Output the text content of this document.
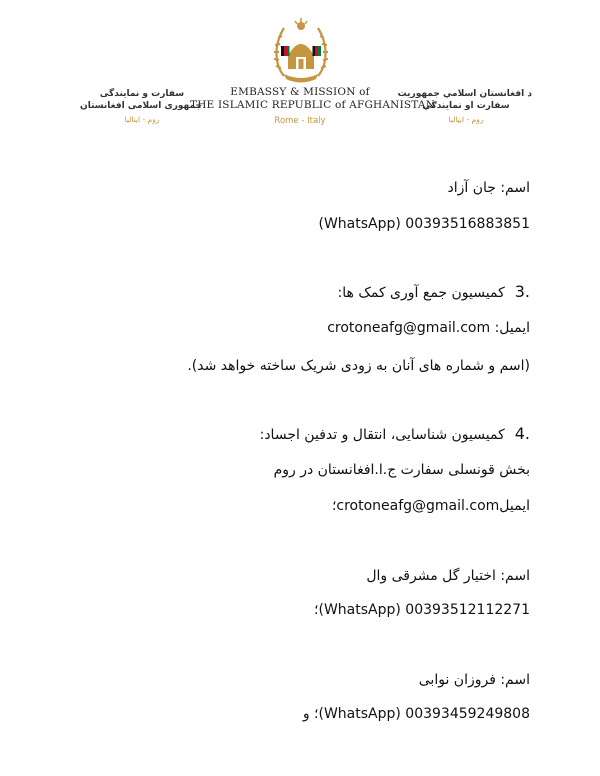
د افغانستان اسلامي جمهوريت
سفارت او نمایندګي
روم - ایټالیا
EMBASSY & MISSION of
THE ISLAMIC REPUBLIC of AFGHANISTAN
Rome - Italy
سفارت و نمایندگی
جمهوری اسلامی افغانستان
روم - ایتالیا
اسم: جان آزاد
(WhatsApp) 00393516883851
3.کمیسیون جمع آوری کمک ها:
ایمیل: crotoneafg@gmail.com
(اسم و شماره های آنان به زودی شریک ساخته خواهد شد).
4.کمیسیون شناسایی، انتقال و تدفین اجساد:
بخش قونسلی سفارت ج.ا.افغانستان در روم
ایمیلcrotoneafg@gmail.com؛
اسم: اختیار گل مشرقی وال
(WhatsApp) 00393512112271؛
اسم: فروزان نوابی
(WhatsApp) 00393459249808؛ و
